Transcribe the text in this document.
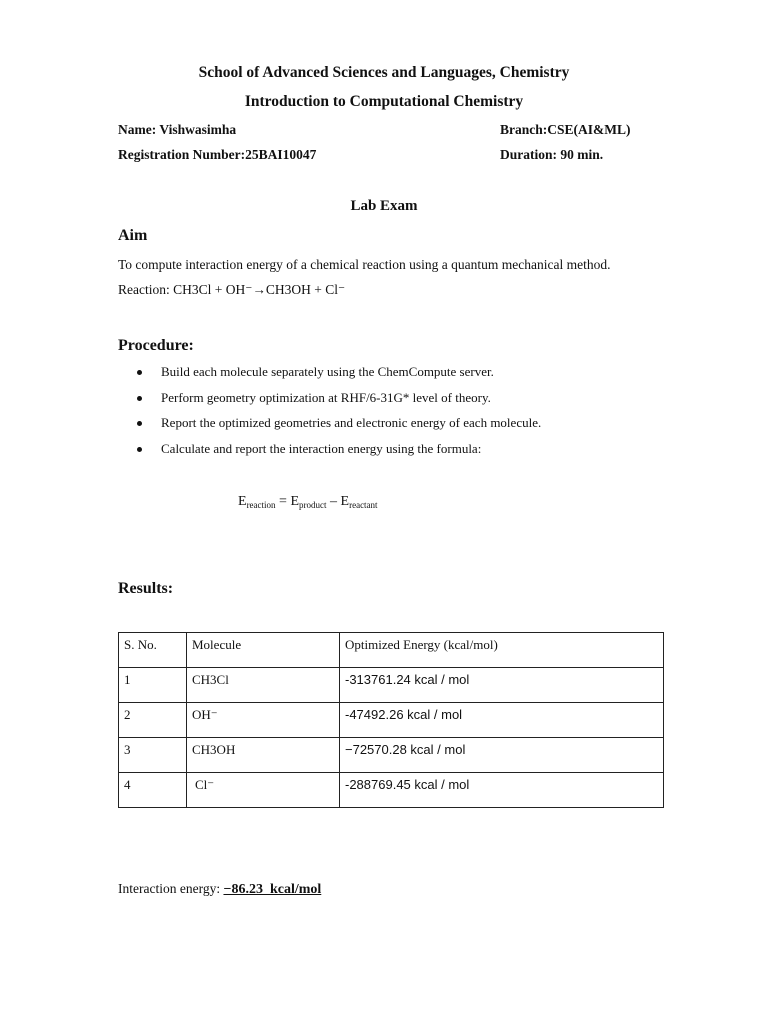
School of Advanced Sciences and Languages, Chemistry
Introduction to Computational Chemistry
Name: Vishwasimha	Branch:CSE(AI&ML)
Registration Number:25BAI10047	Duration: 90 min.
Lab Exam
Aim
To compute interaction energy of a chemical reaction using a quantum mechanical method.
Reaction: CH3Cl + OH⁻→CH3OH + Cl⁻
Procedure:
Build each molecule separately using the ChemCompute server.
Perform geometry optimization at RHF/6-31G* level of theory.
Report the optimized geometries and electronic energy of each molecule.
Calculate and report the interaction energy using the formula:
$E_{reaction} = E_{product} - E_{reactant}$
Results:
S. No.	Molecule	Optimized Energy (kcal/mol)
1	CH3Cl	-313761.24 kcal / mol
2	OH⁻	-47492.26 kcal / mol
3	CH3OH	−72570.28 kcal / mol
4	Cl⁻	-288769.45 kcal / mol
Interaction energy: −86.23  kcal/mol
